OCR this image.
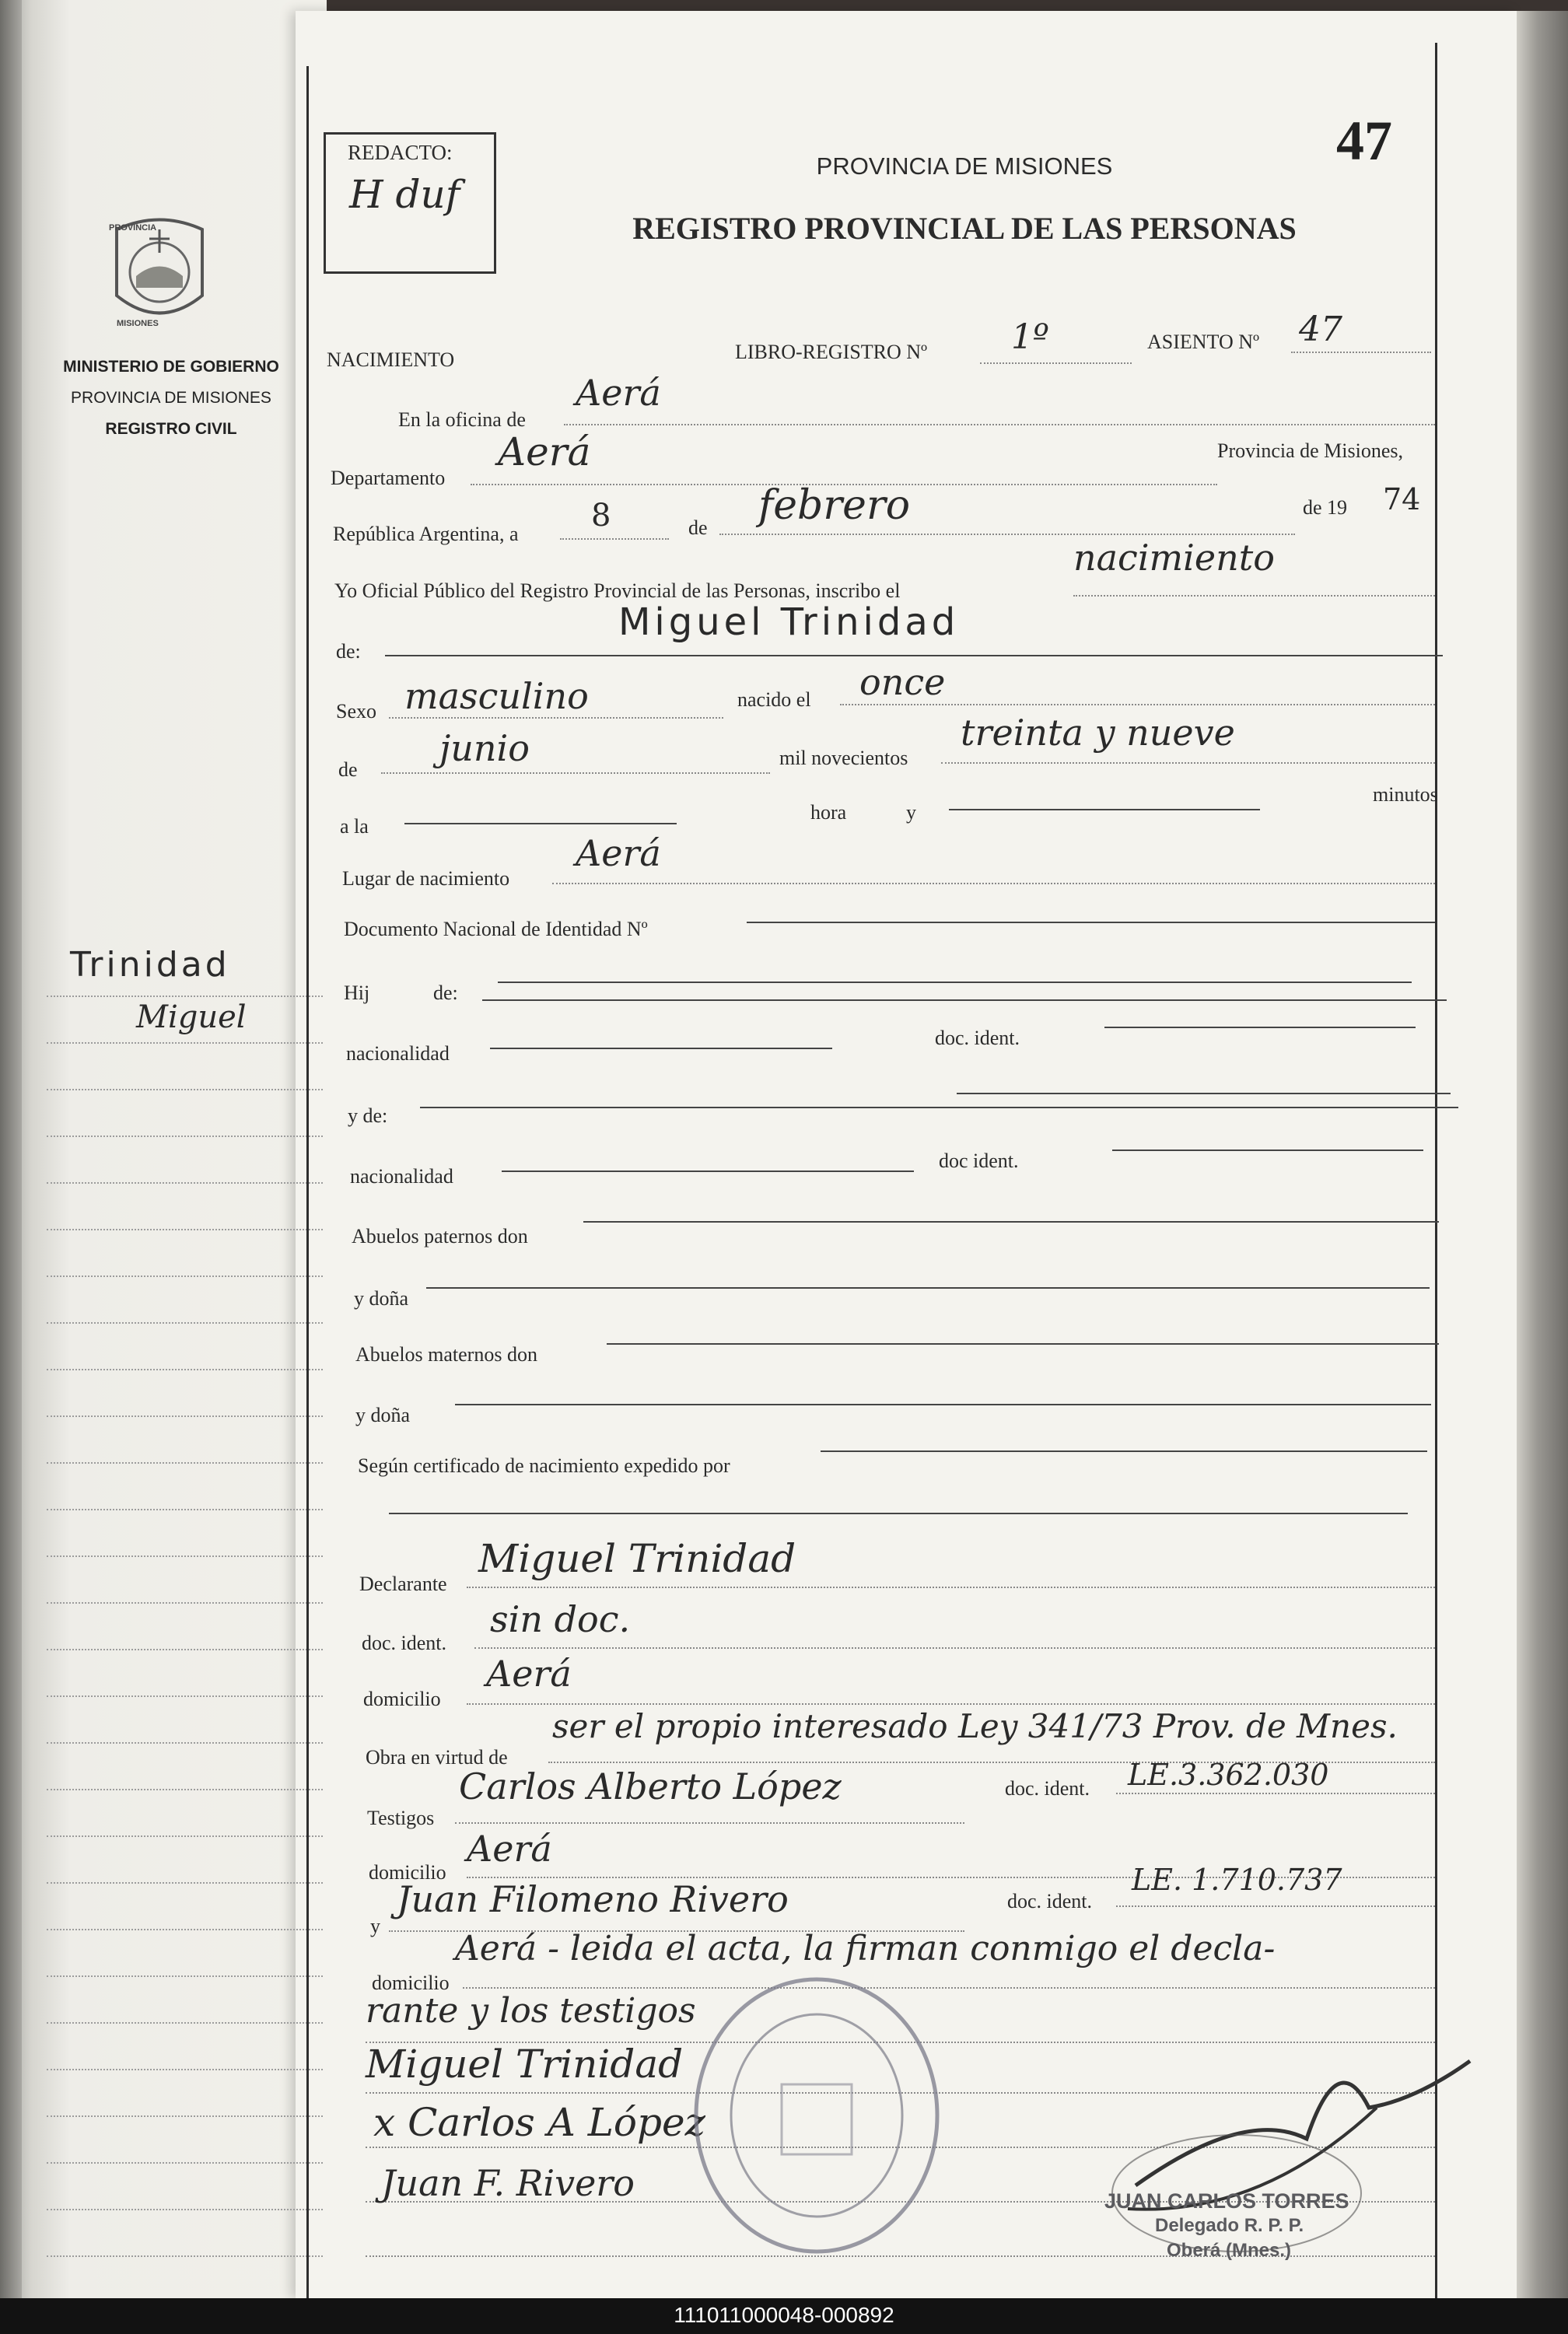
PROVINCIA
MISIONES
MINISTERIO DE GOBIERNO
PROVINCIA DE MISIONES
REGISTRO CIVIL
Trinidad
Miguel
REDACTO:
H duf
47
PROVINCIA DE MISIONES
REGISTRO PROVINCIAL DE LAS PERSONAS
NACIMIENTO	LIBRO-REGISTRO Nº 1º	ASIENTO Nº 47
En la oficina de
Aerá
Departamento
Aerá	Provincia de Misiones,
República Argentina, a
8	de febrero	de 19 74
Yo Oficial Público del Registro Provincial de las Personas, inscribo el
nacimiento
de:
Miguel Trinidad
Sexo masculino	nacido el once
de
junio	mil novecientos
treinta y nueve
a la
hora	y
minutos
Lugar de nacimiento
Aerá
Documento Nacional de Identidad Nº
Hij	de:
nacionalidad
doc. ident.
y de:
nacionalidad
doc ident.
Abuelos paternos don
y doña
Abuelos maternos don
y doña
Según certificado de nacimiento expedido por
Declarante
Miguel Trinidad
doc. ident.
sin doc.
domicilio
Aerá
Obra en virtud de
ser el propio interesado Ley 341/73 Prov. de Mnes.
Testigos
Carlos Alberto López	doc. ident. LE.3.362.030
domicilio
Aerá
y
Juan Filomeno Rivero	doc. ident.
LE. 1.710.737
domicilio
Aerá - leida el acta, la firman conmigo el decla-
rante y los testigos
Miguel Trinidad
x Carlos A López
Juan F. Rivero	JUAN CARLOS TORRES
Delegado R. P. P.
Oberá (Mnes.)
111011000048-000892
